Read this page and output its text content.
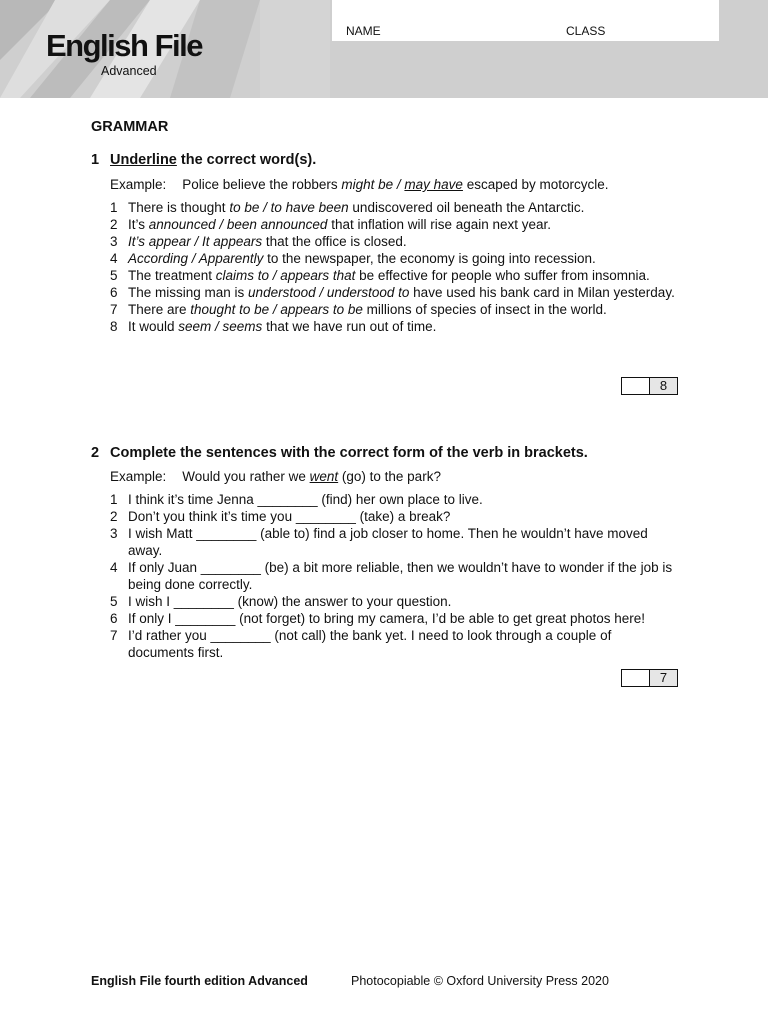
English File
Advanced
NAME	CLASS
GRAMMAR
1 Underline the correct word(s).
Example: Police believe the robbers might be / may have escaped by motorcycle.
1 There is thought to be / to have been undiscovered oil beneath the Antarctic.
2 It’s announced / been announced that inflation will rise again next year.
3 It’s appear / It appears that the office is closed.
4 According / Apparently to the newspaper, the economy is going into recession.
5 The treatment claims to / appears that be effective for people who suffer from insomnia.
6 The missing man is understood / understood to have used his bank card in Milan yesterday.
7 There are thought to be / appears to be millions of species of insect in the world.
8 It would seem / seems that we have run out of time.
8
2 Complete the sentences with the correct form of the verb in brackets.
Example: Would you rather we went (go) to the park?
1 I think it’s time Jenna ________ (find) her own place to live.
2 Don’t you think it’s time you ________ (take) a break?
3 I wish Matt ________ (able to) find a job closer to home. Then he wouldn’t have moved away.
4 If only Juan ________ (be) a bit more reliable, then we wouldn’t have to wonder if the job is being done correctly.
5 I wish I ________ (know) the answer to your question.
6 If only I ________ (not forget) to bring my camera, I’d be able to get great photos here!
7 I’d rather you ________ (not call) the bank yet. I need to look through a couple of documents first.
7
English File fourth edition Advanced	Photocopiable © Oxford University Press 2020
